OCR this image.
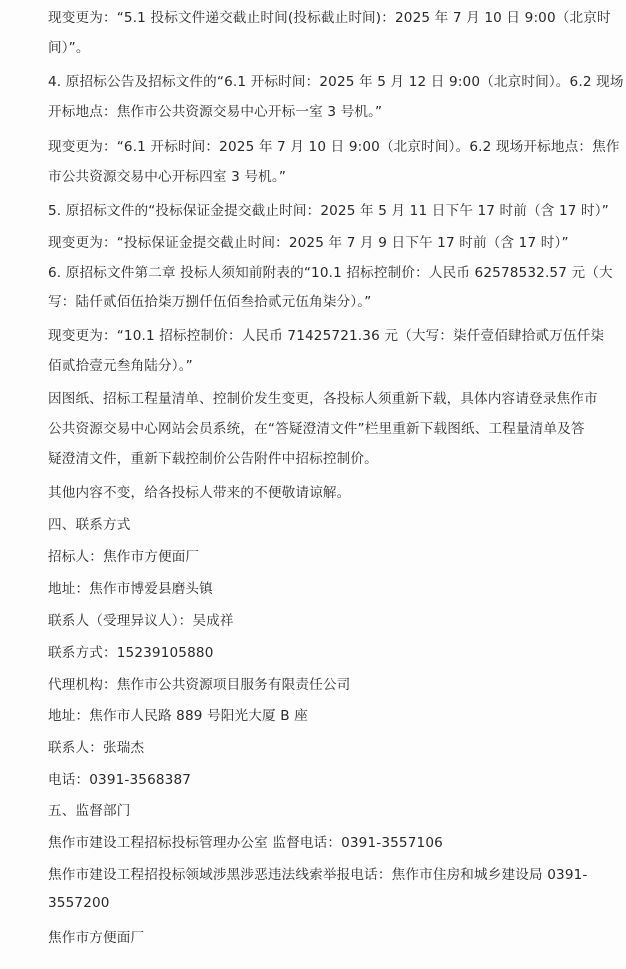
现变更为：“5.1 投标文件递交截止时间(投标截止时间)：2025 年 7 月 10 日 9:00（北京时
间）”。
4. 原招标公告及招标文件的“6.1 开标时间：2025 年 5 月 12 日 9:00（北京时间）。6.2 现场
开标地点：焦作市公共资源交易中心开标一室 3 号机。”
现变更为：“6.1 开标时间：2025 年 7 月 10 日 9:00（北京时间）。6.2 现场开标地点：焦作
市公共资源交易中心开标四室 3 号机。”
5. 原招标文件的“投标保证金提交截止时间：2025 年 5 月 11 日下午 17 时前（含 17 时）”
现变更为：“投标保证金提交截止时间：2025 年 7 月 9 日下午 17 时前（含 17 时）”
6. 原招标文件第二章 投标人须知前附表的“10.1 招标控制价：人民币 62578532.57 元（大
写：陆仟贰佰伍拾柒万捌仟伍佰叁拾贰元伍角柒分）。”
现变更为：“10.1 招标控制价：人民币 71425721.36 元（大写：柒仟壹佰肆拾贰万伍仟柒
佰贰拾壹元叁角陆分）。”
因图纸、招标工程量清单、控制价发生变更，各投标人须重新下载，具体内容请登录焦作市
公共资源交易中心网站会员系统，在“答疑澄清文件”栏里重新下载图纸、工程量清单及答
疑澄清文件，重新下载控制价公告附件中招标控制价。
其他内容不变，给各投标人带来的不便敬请谅解。
四、联系方式
招标人：焦作市方便面厂
地址：焦作市博爱县磨头镇
联系人（受理异议人）：吴成祥
联系方式：15239105880
代理机构：焦作市公共资源项目服务有限责任公司
地址：焦作市人民路 889 号阳光大厦 B 座
联系人：张瑞杰
电话：0391-3568387
五、监督部门
焦作市建设工程招标投标管理办公室 监督电话：0391-3557106
焦作市建设工程招投标领域涉黑涉恶违法线索举报电话：焦作市住房和城乡建设局 0391-
3557200
焦作市方便面厂
